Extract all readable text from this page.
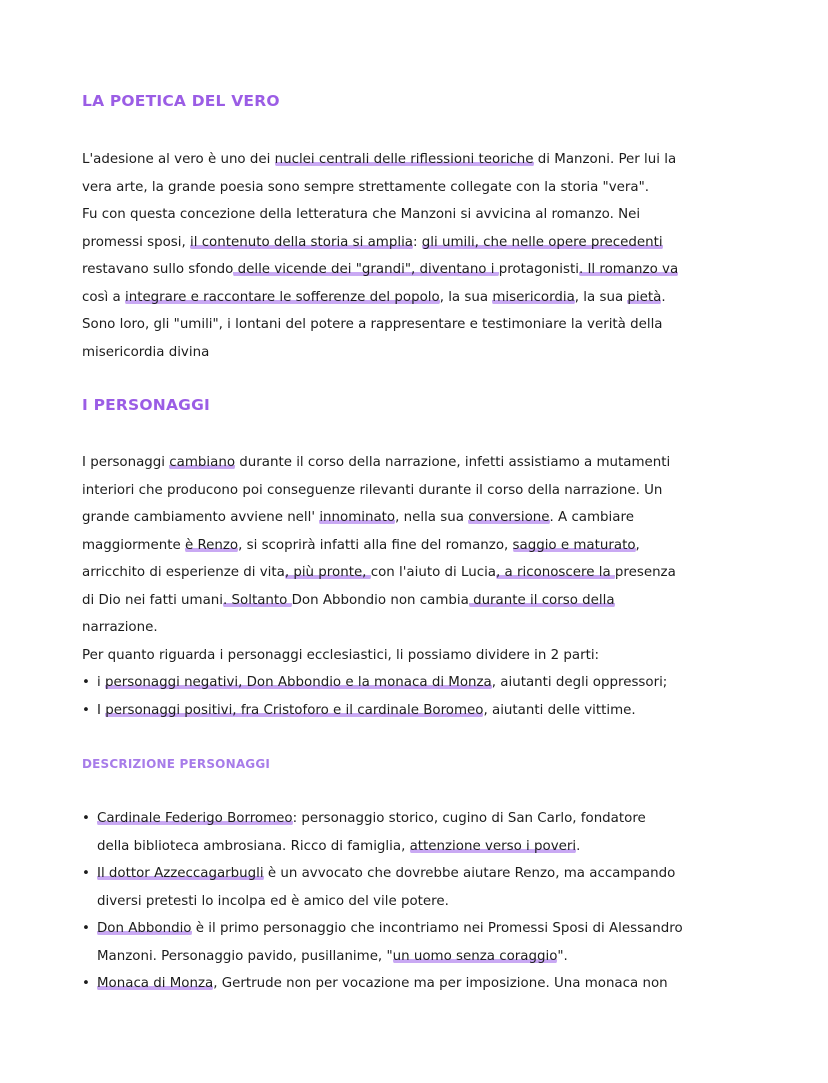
LA POETICA DEL VERO
I PERSONAGGI
DESCRIZIONE PERSONAGGI
L'adesione al vero è uno dei nuclei centrali delle riflessioni teoriche di Manzoni. Per lui la
vera arte, la grande poesia sono sempre strettamente collegate con la storia "vera".
Fu con questa concezione della letteratura che Manzoni si avvicina al romanzo. Nei
promessi sposi, il contenuto della storia si amplia: gli umili, che nelle opere precedenti
restavano sullo sfondo delle vicende dei "grandi", diventano i protagonisti. Il romanzo va
così a integrare e raccontare le sofferenze del popolo, la sua misericordia, la sua pietà.
Sono loro, gli "umili", i lontani del potere a rappresentare e testimoniare la verità della
misericordia divina
I personaggi cambiano durante il corso della narrazione, infetti assistiamo a mutamenti
interiori che producono poi conseguenze rilevanti durante il corso della narrazione. Un
grande cambiamento avviene nell' innominato, nella sua conversione. A cambiare
maggiormente è Renzo, si scoprirà infatti alla fine del romanzo, saggio e maturato,
arricchito di esperienze di vita, più pronte, con l'aiuto di Lucia, a riconoscere la presenza
di Dio nei fatti umani. Soltanto Don Abbondio non cambia durante il corso della
narrazione.
Per quanto riguarda i personaggi ecclesiastici, li possiamo dividere in 2 parti:
• i personaggi negativi, Don Abbondio e la monaca di Monza, aiutanti degli oppressori;
• I personaggi positivi, fra Cristoforo e il cardinale Boromeo, aiutanti delle vittime.
• Cardinale Federigo Borromeo: personaggio storico, cugino di San Carlo, fondatore
della biblioteca ambrosiana. Ricco di famiglia, attenzione verso i poveri.
• Il dottor Azzeccagarbugli è un avvocato che dovrebbe aiutare Renzo, ma accampando
diversi pretesti lo incolpa ed è amico del vile potere.
• Don Abbondio è il primo personaggio che incontriamo nei Promessi Sposi di Alessandro
Manzoni. Personaggio pavido, pusillanime, "un uomo senza coraggio".
• Monaca di Monza, Gertrude non per vocazione ma per imposizione. Una monaca non
